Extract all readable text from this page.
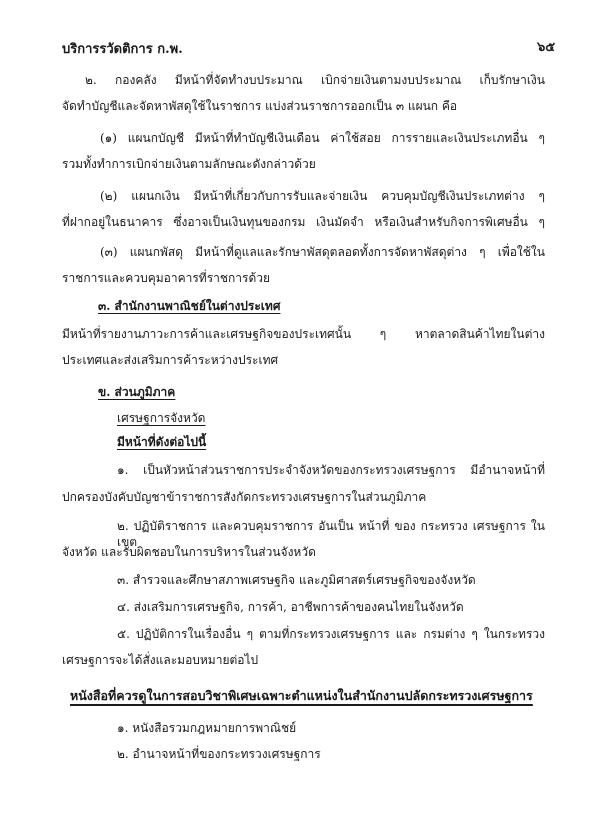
บริการรวัดติการ ก.พ.	๖๕
๒. กองคลัง มีหน้าที่จัดทำงบประมาณ เบิกจ่ายเงินตามงบประมาณ เก็บรักษาเงิน
จัดทำบัญชีและจัดหาพัสดุใช้ในราชการ แบ่งส่วนราชการออกเป็น ๓ แผนก คือ
(๑) แผนกบัญชี มีหน้าที่ทำบัญชีเงินเดือน ค่าใช้สอย การรายและเงินประเภทอื่น ๆ
รวมทั้งทำการเบิกจ่ายเงินตามลักษณะดังกล่าวด้วย
(๒) แผนกเงิน มีหน้าที่เกี่ยวกับการรับและจ่ายเงิน ควบคุมบัญชีเงินประเภทต่าง ๆ
ที่ฝากอยู่ในธนาคาร ซึ่งอาจเป็นเงินทุนของกรม เงินมัดจำ หรือเงินสำหรับกิจการพิเศษอื่น ๆ
(๓) แผนกพัสดุ มีหน้าที่ดูแลและรักษาพัสดุตลอดทั้งการจัดหาพัสดุต่าง ๆ เพื่อใช้ใน
ราชการและควบคุมอาคารที่ราชการด้วย
๓. สำนักงานพาณิชย์ในต่างประเทศ
มีหน้าที่รายงานภาวะการค้าและเศรษฐกิจของประเทศนั้น ๆ หาตลาดสินค้าไทยในต่าง
ประเทศและส่งเสริมการค้าระหว่างประเทศ
ข. ส่วนภูมิภาค
เศรษฐการจังหวัด
มีหน้าที่ดังต่อไปนี้
๑. เป็นหัวหน้าส่วนราชการประจำจังหวัดของกระทรวงเศรษฐการ มีอำนาจหน้าที่
ปกครองบังคับบัญชาข้าราชการสังกัดกระทรวงเศรษฐการในส่วนภูมิภาค
๒. ปฏิบัติราชการ และควบคุมราชการ อันเป็น หน้าที่ ของ กระทรวง เศรษฐการ ในเขต
จังหวัด และรับผิดชอบในการบริหารในส่วนจังหวัด
๓. สำรวจและศึกษาสภาพเศรษฐกิจ และภูมิศาสตร์เศรษฐกิจของจังหวัด
๔. ส่งเสริมการเศรษฐกิจ, การค้า, อาชีพการค้าของคนไทยในจังหวัด
๕. ปฏิบัติการในเรื่องอื่น ๆ ตามที่กระทรวงเศรษฐการ และ กรมต่าง ๆ ในกระทรวง
เศรษฐการจะได้สั่งและมอบหมายต่อไป
หนังสือที่ควรดูในการสอบวิชาพิเศษเฉพาะตำแหน่งในสำนักงานปลัดกระทรวงเศรษฐการ
๑. หนังสือรวมกฎหมายการพาณิชย์
๒. อำนาจหน้าที่ของกระทรวงเศรษฐการ
